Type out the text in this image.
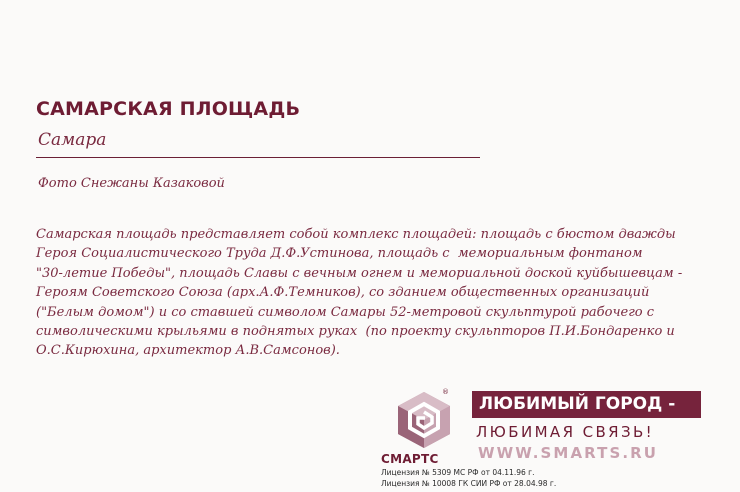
САМАРСКАЯ ПЛОЩАДЬ
Самара
Фото Снежаны Казаковой
Самарская площадь представляет собой комплекс площадей: площадь с бюстом дважды
Героя Социалистического Труда Д.Ф.Устинова, площадь с  мемориальным фонтаном
"30-летие Победы", площадь Славы с вечным огнем и мемориальной доской куйбышевцам -
Героям Советского Союза (арх.А.Ф.Темников), со зданием общественных организаций
("Белым домом") и со ставшей символом Самары 52-метровой скульптурой рабочего с
символическими крыльями в поднятых руках  (по проекту скульпторов П.И.Бондаренко и
О.С.Кирюхина, архитектор А.В.Самсонов).
®
СМАРТС
ЛЮБИМЫЙ ГОРОД -
ЛЮБИМАЯ СВЯЗЬ!
WWW.SMARTS.RU
Лицензия № 5309 МС РФ от 04.11.96 г.
Лицензия № 10008 ГК СИИ РФ от 28.04.98 г.
